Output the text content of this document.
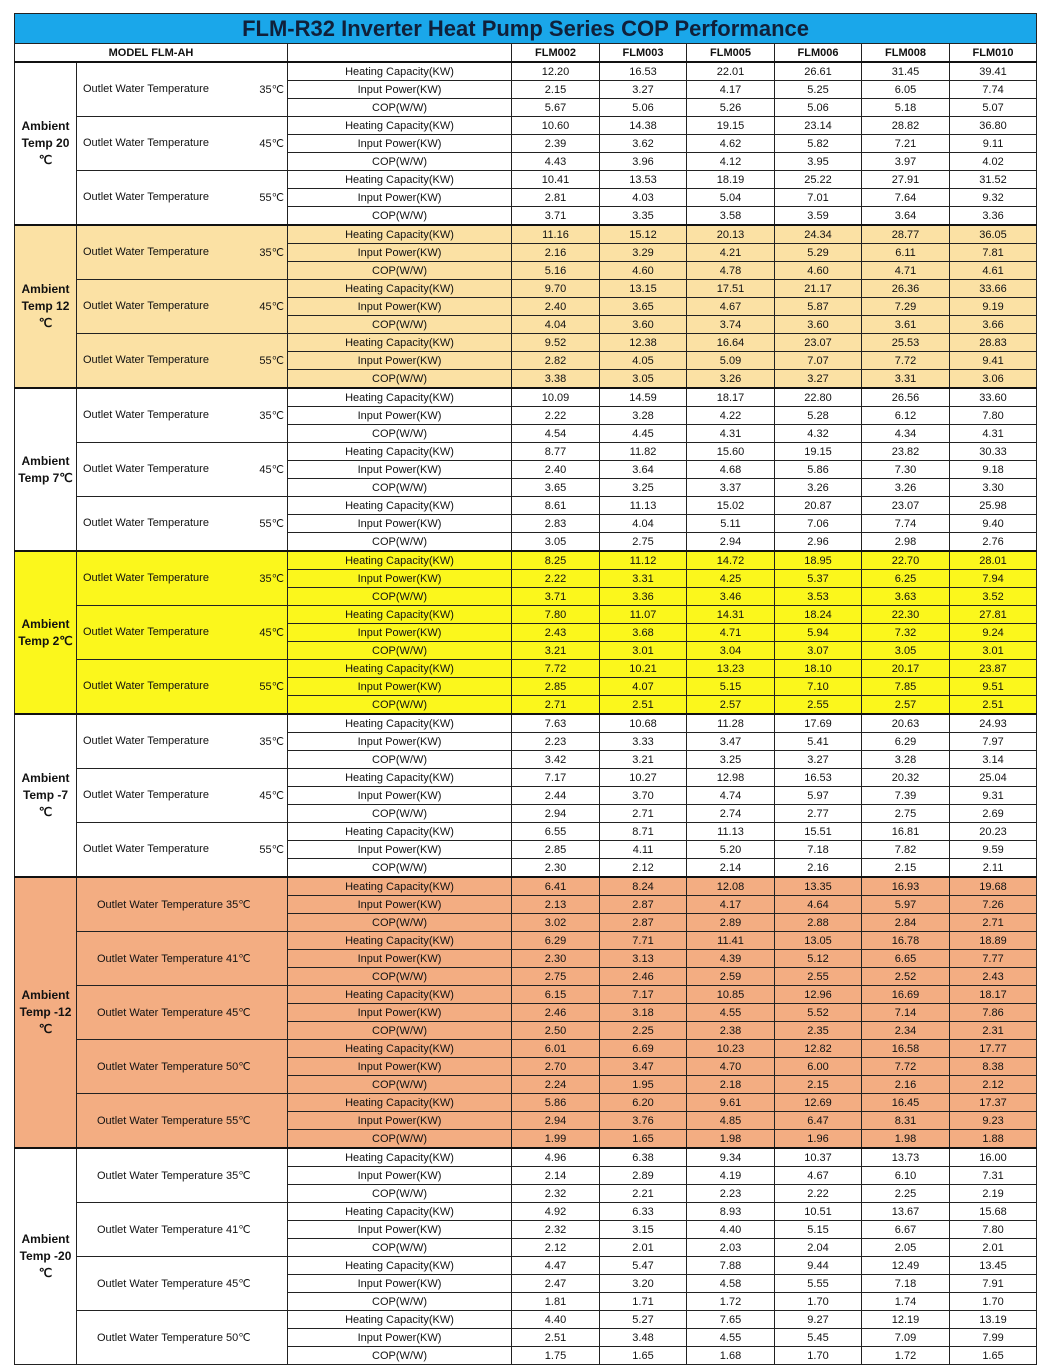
FLM-R32 Inverter Heat Pump Series COP Performance								
MODEL FLM-AH			FLM002	FLM003	FLM005	FLM006	FLM008	FLM010
Ambient Temp 20 ℃	Outlet Water Temperature 35℃	Heating Capacity(KW)	12.20	16.53	22.01	26.61	31.45	39.41
		Input Power(KW)	2.15	3.27	4.17	5.25	6.05	7.74
		COP(W/W)	5.67	5.06	5.26	5.06	5.18	5.07
	Outlet Water Temperature 45℃	Heating Capacity(KW)	10.60	14.38	19.15	23.14	28.82	36.80
		Input Power(KW)	2.39	3.62	4.62	5.82	7.21	9.11
		COP(W/W)	4.43	3.96	4.12	3.95	3.97	4.02
	Outlet Water Temperature 55℃	Heating Capacity(KW)	10.41	13.53	18.19	25.22	27.91	31.52
		Input Power(KW)	2.81	4.03	5.04	7.01	7.64	9.32
		COP(W/W)	3.71	3.35	3.58	3.59	3.64	3.36
Ambient Temp 12 ℃	Outlet Water Temperature 35℃	Heating Capacity(KW)	11.16	15.12	20.13	24.34	28.77	36.05
		Input Power(KW)	2.16	3.29	4.21	5.29	6.11	7.81
		COP(W/W)	5.16	4.60	4.78	4.60	4.71	4.61
	Outlet Water Temperature 45℃	Heating Capacity(KW)	9.70	13.15	17.51	21.17	26.36	33.66
		Input Power(KW)	2.40	3.65	4.67	5.87	7.29	9.19
		COP(W/W)	4.04	3.60	3.74	3.60	3.61	3.66
	Outlet Water Temperature 55℃	Heating Capacity(KW)	9.52	12.38	16.64	23.07	25.53	28.83
		Input Power(KW)	2.82	4.05	5.09	7.07	7.72	9.41
		COP(W/W)	3.38	3.05	3.26	3.27	3.31	3.06
Ambient Temp 7℃	Outlet Water Temperature 35℃	Heating Capacity(KW)	10.09	14.59	18.17	22.80	26.56	33.60
		Input Power(KW)	2.22	3.28	4.22	5.28	6.12	7.80
		COP(W/W)	4.54	4.45	4.31	4.32	4.34	4.31
	Outlet Water Temperature 45℃	Heating Capacity(KW)	8.77	11.82	15.60	19.15	23.82	30.33
		Input Power(KW)	2.40	3.64	4.68	5.86	7.30	9.18
		COP(W/W)	3.65	3.25	3.37	3.26	3.26	3.30
	Outlet Water Temperature 55℃	Heating Capacity(KW)	8.61	11.13	15.02	20.87	23.07	25.98
		Input Power(KW)	2.83	4.04	5.11	7.06	7.74	9.40
		COP(W/W)	3.05	2.75	2.94	2.96	2.98	2.76
Ambient Temp 2℃	Outlet Water Temperature 35℃	Heating Capacity(KW)	8.25	11.12	14.72	18.95	22.70	28.01
		Input Power(KW)	2.22	3.31	4.25	5.37	6.25	7.94
		COP(W/W)	3.71	3.36	3.46	3.53	3.63	3.52
	Outlet Water Temperature 45℃	Heating Capacity(KW)	7.80	11.07	14.31	18.24	22.30	27.81
		Input Power(KW)	2.43	3.68	4.71	5.94	7.32	9.24
		COP(W/W)	3.21	3.01	3.04	3.07	3.05	3.01
	Outlet Water Temperature 55℃	Heating Capacity(KW)	7.72	10.21	13.23	18.10	20.17	23.87
		Input Power(KW)	2.85	4.07	5.15	7.10	7.85	9.51
		COP(W/W)	2.71	2.51	2.57	2.55	2.57	2.51
Ambient Temp -7 ℃	Outlet Water Temperature 35℃	Heating Capacity(KW)	7.63	10.68	11.28	17.69	20.63	24.93
		Input Power(KW)	2.23	3.33	3.47	5.41	6.29	7.97
		COP(W/W)	3.42	3.21	3.25	3.27	3.28	3.14
	Outlet Water Temperature 45℃	Heating Capacity(KW)	7.17	10.27	12.98	16.53	20.32	25.04
		Input Power(KW)	2.44	3.70	4.74	5.97	7.39	9.31
		COP(W/W)	2.94	2.71	2.74	2.77	2.75	2.69
	Outlet Water Temperature 55℃	Heating Capacity(KW)	6.55	8.71	11.13	15.51	16.81	20.23
		Input Power(KW)	2.85	4.11	5.20	7.18	7.82	9.59
		COP(W/W)	2.30	2.12	2.14	2.16	2.15	2.11
Ambient Temp -12 ℃	Outlet Water Temperature 35℃	Heating Capacity(KW)	6.41	8.24	12.08	13.35	16.93	19.68
		Input Power(KW)	2.13	2.87	4.17	4.64	5.97	7.26
		COP(W/W)	3.02	2.87	2.89	2.88	2.84	2.71
	Outlet Water Temperature 41℃	Heating Capacity(KW)	6.29	7.71	11.41	13.05	16.78	18.89
		Input Power(KW)	2.30	3.13	4.39	5.12	6.65	7.77
		COP(W/W)	2.75	2.46	2.59	2.55	2.52	2.43
	Outlet Water Temperature 45℃	Heating Capacity(KW)	6.15	7.17	10.85	12.96	16.69	18.17
		Input Power(KW)	2.46	3.18	4.55	5.52	7.14	7.86
		COP(W/W)	2.50	2.25	2.38	2.35	2.34	2.31
	Outlet Water Temperature 50℃	Heating Capacity(KW)	6.01	6.69	10.23	12.82	16.58	17.77
		Input Power(KW)	2.70	3.47	4.70	6.00	7.72	8.38
		COP(W/W)	2.24	1.95	2.18	2.15	2.16	2.12
	Outlet Water Temperature 55℃	Heating Capacity(KW)	5.86	6.20	9.61	12.69	16.45	17.37
		Input Power(KW)	2.94	3.76	4.85	6.47	8.31	9.23
		COP(W/W)	1.99	1.65	1.98	1.96	1.98	1.88
Ambient Temp -20 ℃	Outlet Water Temperature 35℃	Heating Capacity(KW)	4.96	6.38	9.34	10.37	13.73	16.00
		Input Power(KW)	2.14	2.89	4.19	4.67	6.10	7.31
		COP(W/W)	2.32	2.21	2.23	2.22	2.25	2.19
	Outlet Water Temperature 41℃	Heating Capacity(KW)	4.92	6.33	8.93	10.51	13.67	15.68
		Input Power(KW)	2.32	3.15	4.40	5.15	6.67	7.80
		COP(W/W)	2.12	2.01	2.03	2.04	2.05	2.01
	Outlet Water Temperature 45℃	Heating Capacity(KW)	4.47	5.47	7.88	9.44	12.49	13.45
		Input Power(KW)	2.47	3.20	4.58	5.55	7.18	7.91
		COP(W/W)	1.81	1.71	1.72	1.70	1.74	1.70
	Outlet Water Temperature 50℃	Heating Capacity(KW)	4.40	5.27	7.65	9.27	12.19	13.19
		Input Power(KW)	2.51	3.48	4.55	5.45	7.09	7.99
		COP(W/W)	1.75	1.65	1.68	1.70	1.72	1.65
